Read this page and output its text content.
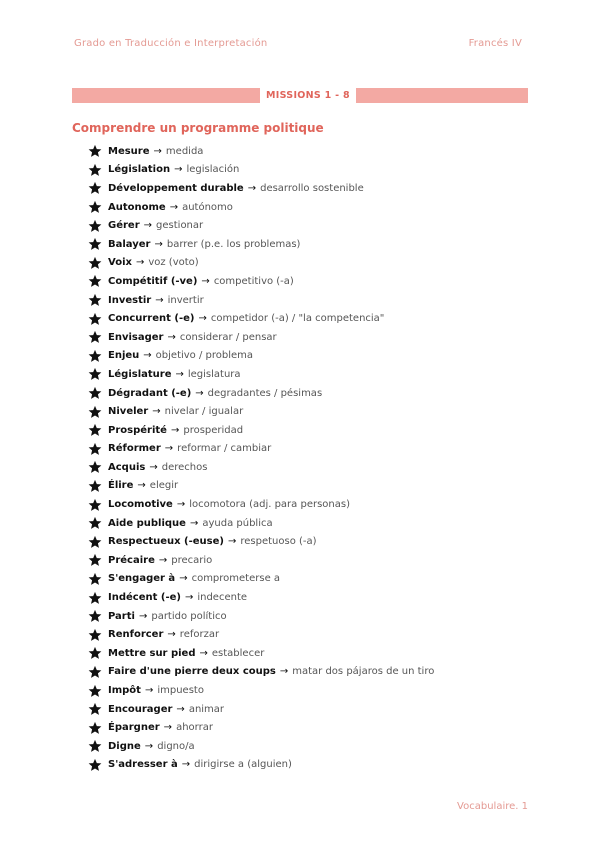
Grado en Traducción e Interpretación	Francés IV
MISSIONS 1 - 8
Comprendre un programme politique
Mesure → medida
Législation → legislación
Développement durable → desarrollo sostenible
Autonome → autónomo
Gérer → gestionar
Balayer → barrer (p.e. los problemas)
Voix → voz (voto)
Compétitif (-ve) → competitivo (-a)
Investir → invertir
Concurrent (-e) → competidor (-a) / "la competencia"
Envisager → considerar / pensar
Enjeu → objetivo / problema
Législature → legislatura
Dégradant (-e) → degradantes / pésimas
Niveler → nivelar / igualar
Prospérité → prosperidad
Réformer → reformar / cambiar
Acquis → derechos
Élire → elegir
Locomotive → locomotora (adj. para personas)
Aide publique → ayuda pública
Respectueux (-euse) → respetuoso (-a)
Précaire → precario
S'engager à → comprometerse a
Indécent (-e) → indecente
Parti → partido político
Renforcer → reforzar
Mettre sur pied → establecer
Faire d'une pierre deux coups → matar dos pájaros de un tiro
Impôt → impuesto
Encourager → animar
Épargner → ahorrar
Digne → digno/a
S'adresser à → dirigirse a (alguien)
Vocabulaire. 1
